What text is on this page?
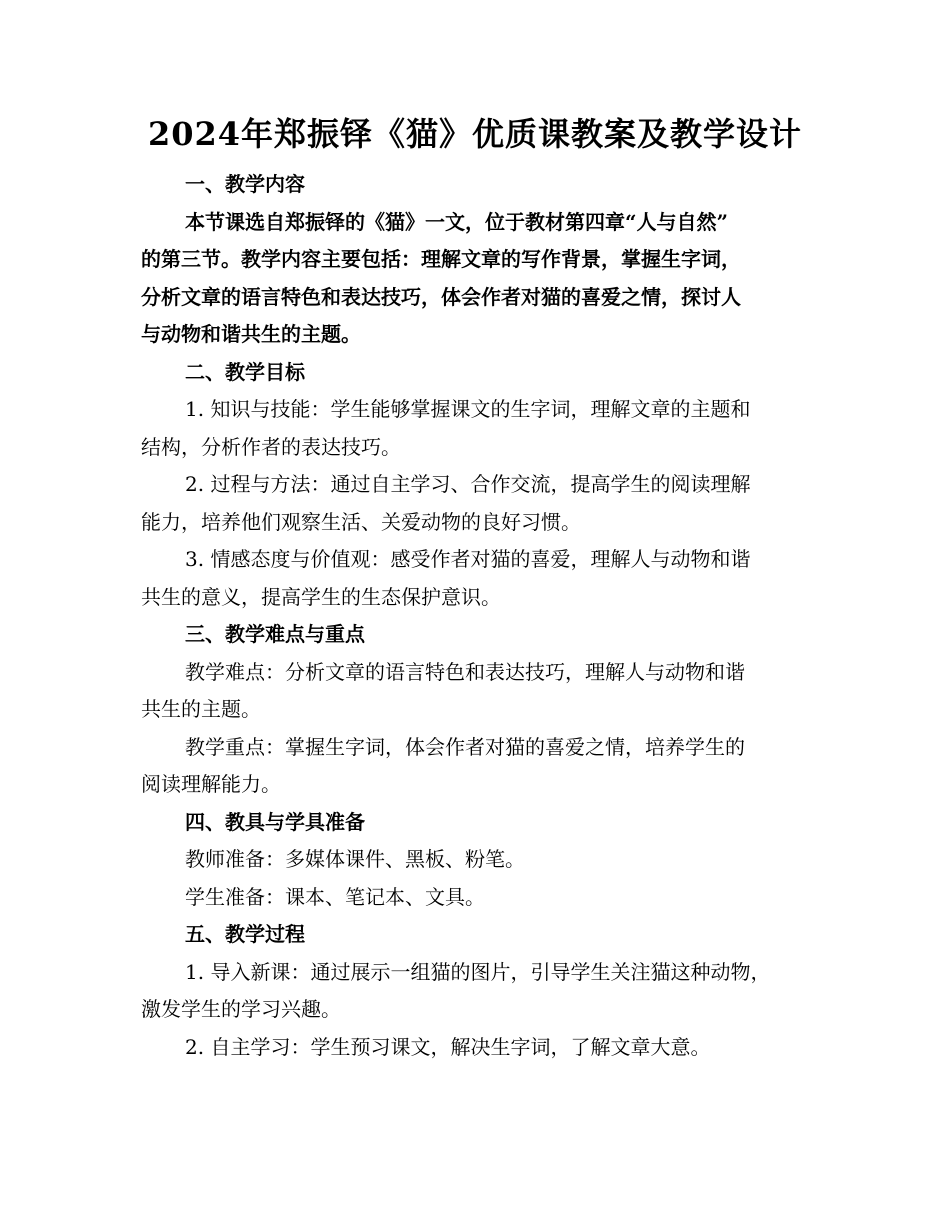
2024年郑振铎《猫》优质课教案及教学设计

一、教学内容

本节课选自郑振铎的《猫》一文，位于教材第四章“人与自然”

的第三节。教学内容主要包括：理解文章的写作背景，掌握生字词，

分析文章的语言特色和表达技巧，体会作者对猫的喜爱之情，探讨人

与动物和谐共生的主题。

二、教学目标

1. 知识与技能：学生能够掌握课文的生字词，理解文章的主题和

结构，分析作者的表达技巧。

2. 过程与方法：通过自主学习、合作交流，提高学生的阅读理解

能力，培养他们观察生活、关爱动物的良好习惯。

3. 情感态度与价值观：感受作者对猫的喜爱，理解人与动物和谐

共生的意义，提高学生的生态保护意识。

三、教学难点与重点

教学难点：分析文章的语言特色和表达技巧，理解人与动物和谐

共生的主题。

教学重点：掌握生字词，体会作者对猫的喜爱之情，培养学生的

阅读理解能力。

四、教具与学具准备

教师准备：多媒体课件、黑板、粉笔。

学生准备：课本、笔记本、文具。

五、教学过程

1. 导入新课：通过展示一组猫的图片，引导学生关注猫这种动物，

激发学生的学习兴趣。

2. 自主学习：学生预习课文，解决生字词，了解文章大意。
